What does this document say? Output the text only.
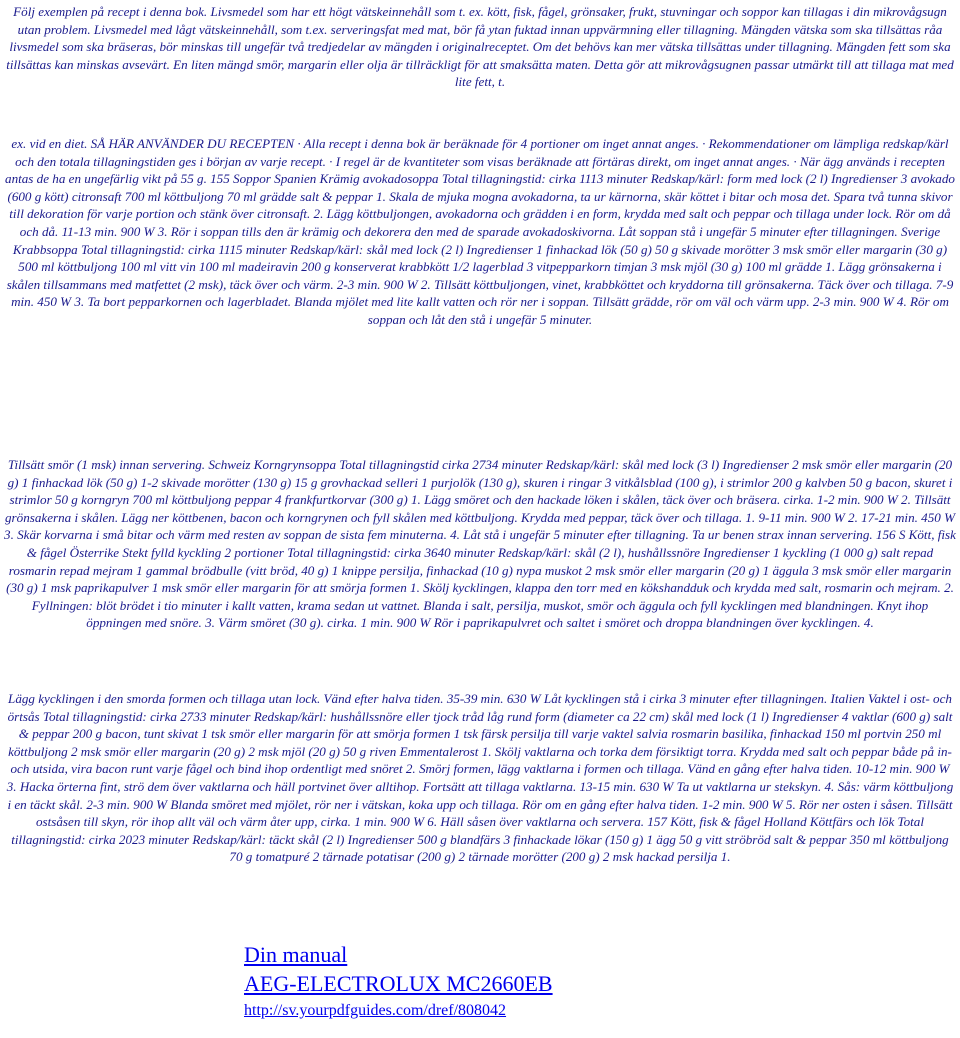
Följ exemplen på recept i denna bok. Livsmedel som har ett högt vätskeinnehåll som t. ex. kött, fisk, fågel, grönsaker, frukt, stuvningar och soppor kan tillagas i din mikrovågsugn utan problem. Livsmedel med lågt vätskeinnehåll, som t.ex. serveringsfat med mat, bör få ytan fuktad innan uppvärmning eller tillagning. Mängden vätska som ska tillsättas råa livsmedel som ska bräseras, bör minskas till ungefär två tredjedelar av mängden i originalreceptet. Om det behövs kan mer vätska tillsättas under tillagning. Mängden fett som ska tillsättas kan minskas avsevärt. En liten mängd smör, margarin eller olja är tillräckligt för att smaksätta maten. Detta gör att mikrovågsugnen passar utmärkt till att tillaga mat med lite fett, t.

ex. vid en diet. SÅ HÄR ANVÄNDER DU RECEPTEN · Alla recept i denna bok är beräknade för 4 portioner om inget annat anges. · Rekommendationer om lämpliga redskap/kärl och den totala tillagningstiden ges i början av varje recept. · I regel är de kvantiteter som visas beräknade att förtäras direkt, om inget annat anges. · När ägg används i recepten antas de ha en ungefärlig vikt på 55 g. 155 Soppor Spanien Krämig avokadosoppa Total tillagningstid: cirka 1113 minuter Redskap/kärl: form med lock (2 l) Ingredienser 3 avokado (600 g kött) citronsaft 700 ml köttbuljong 70 ml grädde salt & peppar 1. Skala de mjuka mogna avokadorna, ta ur kärnorna, skär köttet i bitar och mosa det. Spara två tunna skivor till dekoration för varje portion och stänk över citronsaft. 2. Lägg köttbuljongen, avokadorna och grädden i en form, krydda med salt och peppar och tillaga under lock. Rör om då och då. 11-13 min. 900 W 3. Rör i soppan tills den är krämig och dekorera den med de sparade avokadoskivorna. Låt soppan stå i ungefär 5 minuter efter tillagningen. Sverige Krabbsoppa Total tillagningstid: cirka 1115 minuter Redskap/kärl: skål med lock (2 l) Ingredienser 1 finhackad lök (50 g) 50 g skivade morötter 3 msk smör eller margarin (30 g) 500 ml köttbuljong 100 ml vitt vin 100 ml madeiravin 200 g konserverat krabbkött 1/2 lagerblad 3 vitpepparkorn timjan 3 msk mjöl (30 g) 100 ml grädde 1. Lägg grönsakerna i skålen tillsammans med matfettet (2 msk), täck över och värm. 2-3 min. 900 W 2. Tillsätt köttbuljongen, vinet, krabbköttet och kryddorna till grönsakerna. Täck över och tillaga. 7-9 min. 450 W 3. Ta bort pepparkornen och lagerbladet. Blanda mjölet med lite kallt vatten och rör ner i soppan. Tillsätt grädde, rör om väl och värm upp. 2-3 min. 900 W 4. Rör om soppan och låt den stå i ungefär 5 minuter.

Tillsätt smör (1 msk) innan servering. Schweiz Korngrynsoppa Total tillagningstid cirka 2734 minuter Redskap/kärl: skål med lock (3 l) Ingredienser 2 msk smör eller margarin (20 g) 1 finhackad lök (50 g) 1-2 skivade morötter (130 g) 15 g grovhackad selleri 1 purjolök (130 g), skuren i ringar 3 vitkålsblad (100 g), i strimlor 200 g kalvben 50 g bacon, skuret i strimlor 50 g korngryn 700 ml köttbuljong peppar 4 frankfurtkorvar (300 g) 1. Lägg smöret och den hackade löken i skålen, täck över och bräsera. cirka. 1-2 min. 900 W 2. Tillsätt grönsakerna i skålen. Lägg ner köttbenen, bacon och korngrynen och fyll skålen med köttbuljong. Krydda med peppar, täck över och tillaga. 1. 9-11 min. 900 W 2. 17-21 min. 450 W 3. Skär korvarna i små bitar och värm med resten av soppan de sista fem minuterna. 4. Låt stå i ungefär 5 minuter efter tillagning. Ta ur benen strax innan servering. 156 S Kött, fisk & fågel Österrike Stekt fylld kyckling 2 portioner Total tillagningstid: cirka 3640 minuter Redskap/kärl: skål (2 l), hushållssnöre Ingredienser 1 kyckling (1 000 g) salt repad rosmarin repad mejram 1 gammal brödbulle (vitt bröd, 40 g) 1 knippe persilja, finhackad (10 g) nypa muskot 2 msk smör eller margarin (20 g) 1 äggula 3 msk smör eller margarin (30 g) 1 msk paprikapulver 1 msk smör eller margarin för att smörja formen 1. Skölj kycklingen, klappa den torr med en kökshandduk och krydda med salt, rosmarin och mejram. 2. Fyllningen: blöt brödet i tio minuter i kallt vatten, krama sedan ut vattnet. Blanda i salt, persilja, muskot, smör och äggula och fyll kycklingen med blandningen. Knyt ihop öppningen med snöre. 3. Värm smöret (30 g). cirka. 1 min. 900 W Rör i paprikapulvret och saltet i smöret och droppa blandningen över kycklingen. 4.

Lägg kycklingen i den smorda formen och tillaga utan lock. Vänd efter halva tiden. 35-39 min. 630 W Låt kycklingen stå i cirka 3 minuter efter tillagningen. Italien Vaktel i ost- och örtsås Total tillagningstid: cirka 2733 minuter Redskap/kärl: hushållssnöre eller tjock tråd låg rund form (diameter ca 22 cm) skål med lock (1 l) Ingredienser 4 vaktlar (600 g) salt & peppar 200 g bacon, tunt skivat 1 tsk smör eller margarin för att smörja formen 1 tsk färsk persilja till varje vaktel salvia rosmarin basilika, finhackad 150 ml portvin 250 ml köttbuljong 2 msk smör eller margarin (20 g) 2 msk mjöl (20 g) 50 g riven Emmentalerost 1. Skölj vaktlarna och torka dem försiktigt torra. Krydda med salt och peppar både på in- och utsida, vira bacon runt varje fågel och bind ihop ordentligt med snöret 2. Smörj formen, lägg vaktlarna i formen och tillaga. Vänd en gång efter halva tiden. 10-12 min. 900 W 3. Hacka örterna fint, strö dem över vaktlarna och häll portvinet över alltihop. Fortsätt att tillaga vaktlarna. 13-15 min. 630 W Ta ut vaktlarna ur stekskyn. 4. Sås: värm köttbuljong i en täckt skål. 2-3 min. 900 W Blanda smöret med mjölet, rör ner i vätskan, koka upp och tillaga. Rör om en gång efter halva tiden. 1-2 min. 900 W 5. Rör ner osten i såsen. Tillsätt ostsåsen till skyn, rör ihop allt väl och värm åter upp, cirka. 1 min. 900 W 6. Häll såsen över vaktlarna och servera. 157 Kött, fisk & fågel Holland Köttfärs och lök Total tillagningstid: cirka 2023 minuter Redskap/kärl: täckt skål (2 l) Ingredienser 500 g blandfärs 3 finhackade lökar (150 g) 1 ägg 50 g vitt ströbröd salt & peppar 350 ml köttbuljong 70 g tomatpuré 2 tärnade potatisar (200 g) 2 tärnade morötter (200 g) 2 msk hackad persilja 1.

Din manual
AEG-ELECTROLUX MC2660EB
http://sv.yourpdfguides.com/dref/808042
